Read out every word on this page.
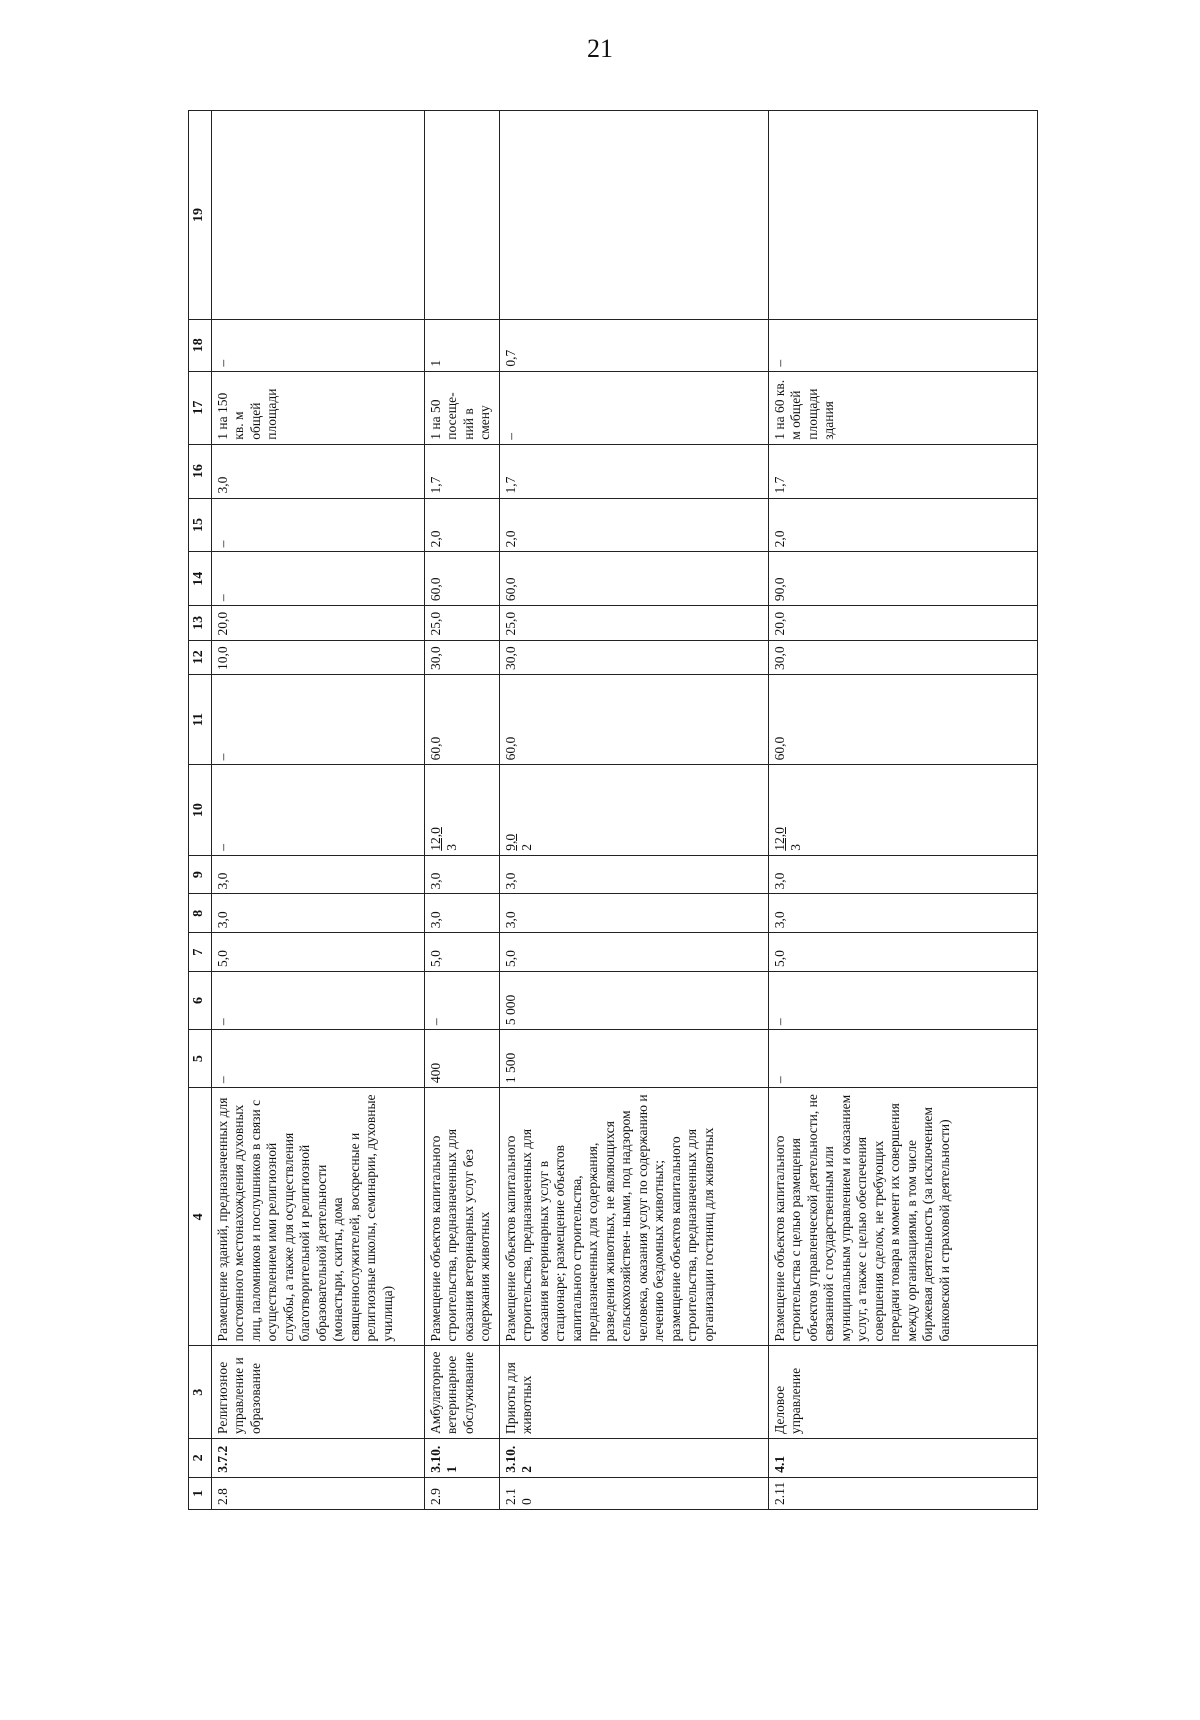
21
1	2	3	4	5	6	7	8	9	10	11	12	13	14	15	16	17	18	19
2.8	3.7.2	Религиозное управление и образование	Размещение зданий, предназначенных для постоянного местонахождения духовных лиц, паломников и послушников в связи с осуществлением ими религиозной службы, а также для осуществления благотворительной и религиозной образовательной деятельности (монастыри, скиты, дома священнослужителей, воскресные и религиозные школы, семинарии, духовные училища)	–	–	5,0	3,0	3,0	–	–	10,0	20,0	–	–	3,0	1 на 150 кв. м общей площади	–	
2.9	3.10.1	Амбулаторное ветеринарное обслуживание	Размещение объектов капитального строительства, предназначенных для оказания ветеринарных услуг без содержания животных	400	–	5,0	3,0	3,0	12,0 3	60,0	30,0	25,0	60,0	2,0	1,7	1 на 50 посеще- ний в смену	1	
2.10	3.10.2	Приюты для животных	Размещение объектов капитального строительства, предназначенных для оказания ветеринарных услуг в стационаре; размещение объектов капитального строительства, предназначенных для содержания, разведения животных, не являющихся сельскохозяйствен- ными, под надзором человека, оказания услуг по содержанию и лечению бездомных животных; размещение объектов капитального строительства, предназначенных для организации гостиниц для животных	1 500	5 000	5,0	3,0	3,0	9,0 2	60,0	30,0	25,0	60,0	2,0	1,7	–	0,7	
2.11	4.1	Деловое управление	Размещение объектов капитального строительства с целью размещения объектов управленческой деятельности, не связанной с государственным или муниципальным управлением и оказанием услуг, а также с целью обеспечения совершения сделок, не требующих передачи товара в момент их совершения между организациями, в том числе биржевая деятельность (за исключением банковской и страховой деятельности)	–	–	5,0	3,0	3,0	12,0 3	60,0	30,0	20,0	90,0	2,0	1,7	1 на 60 кв. м общей площади здания	–	
